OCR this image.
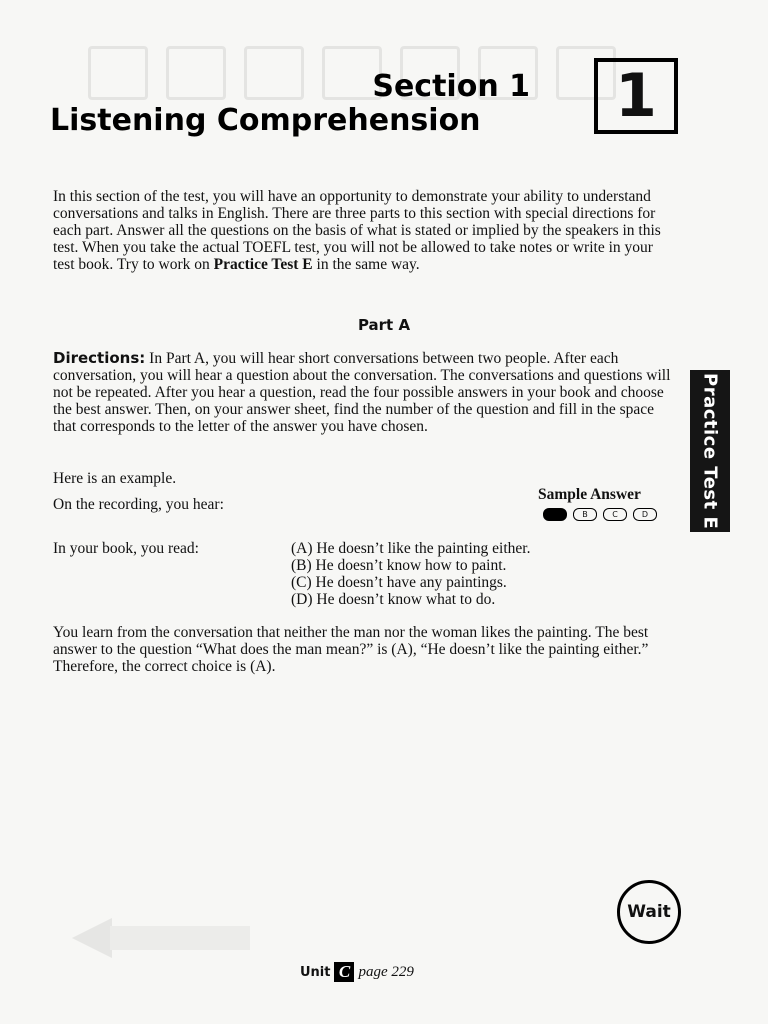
Section 1
Listening Comprehension	1

In this section of the test, you will have an opportunity to demonstrate your ability to understand conversations and talks in English. There are three parts to this section with special directions for each part. Answer all the questions on the basis of what is stated or implied by the speakers in this test. When you take the actual TOEFL test, you will not be allowed to take notes or write in your test book. Try to work on Practice Test E in the same way.

Part A

Directions: In Part A, you will hear short conversations between two people. After each conversation, you will hear a question about the conversation. The conversations and questions will not be repeated. After you hear a question, read the four possible answers in your book and choose the best answer. Then, on your answer sheet, find the number of the question and fill in the space that corresponds to the letter of the answer you have chosen.

Here is an example.
On the recording, you hear:
Sample Answer
A	B	C	D
In your book, you read:	(A) He doesn’t like the painting either.
(B) He doesn’t know how to paint.
(C) He doesn’t have any paintings.
(D) He doesn’t know what to do.

You learn from the conversation that neither the man nor the woman likes the painting. The best answer to the question “What does the man mean?” is (A), “He doesn’t like the painting either.” Therefore, the correct choice is (A).

Practice Test E
Wait
Unit C page 229
